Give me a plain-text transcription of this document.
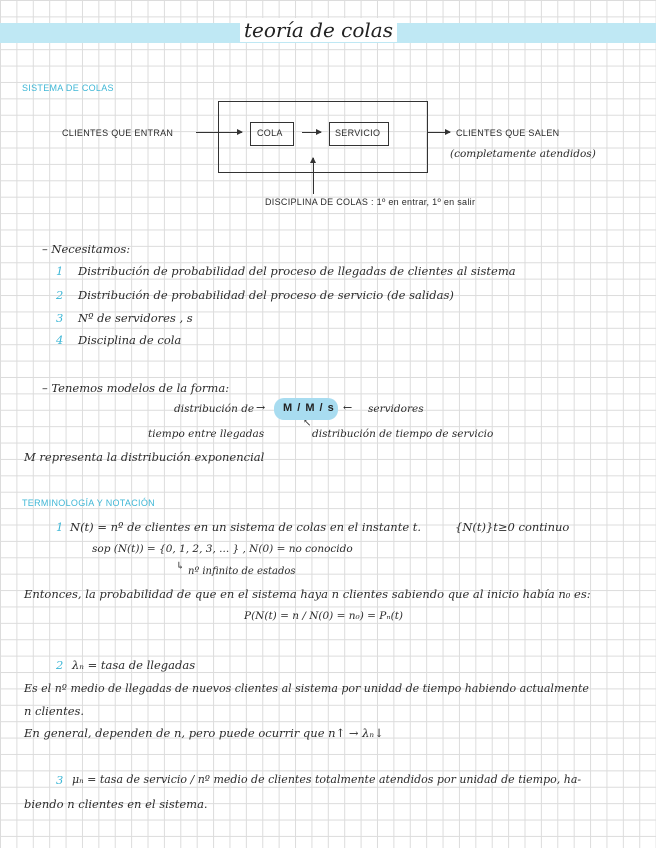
teoría de colas
SISTEMA DE COLAS
COLA	SERVICIO
CLIENTES QUE ENTRAN	CLIENTES QUE SALEN
(completamente atendidos)
DISCIPLINA DE COLAS : 1º en entrar, 1º en salir
– Necesitamos:
1 Distribución de probabilidad del proceso de llegadas de clientes al sistema
2 Distribución de probabilidad del proceso de servicio (de salidas)
3 Nº de servidores , s
4 Disciplina de cola
– Tenemos modelos de la forma:
distribución de → M / M / s ← servidores
↖
tiempo entre llegadas	distribución de tiempo de servicio
M representa la distribución exponencial
TERMINOLOGÍA Y NOTACIÓN
1 N(t) = nº de clientes en un sistema de colas en el instante t.	{N(t)}t≥0 continuo
sop (N(t)) = {0, 1, 2, 3, ... } , N(0) = no conocido
↳ nº infinito de estados
Entonces, la probabilidad de que en el sistema haya n clientes sabiendo que al inicio había n₀ es:
P(N(t) = n / N(0) = n₀) = Pₙ(t)
2 λₙ = tasa de llegadas
Es el nº medio de llegadas de nuevos clientes al sistema por unidad de tiempo habiendo actualmente
n clientes.
En general, dependen de n, pero puede ocurrir que n↑ → λₙ↓
3 μₙ = tasa de servicio / nº medio de clientes totalmente atendidos por unidad de tiempo, ha-
biendo n clientes en el sistema.
